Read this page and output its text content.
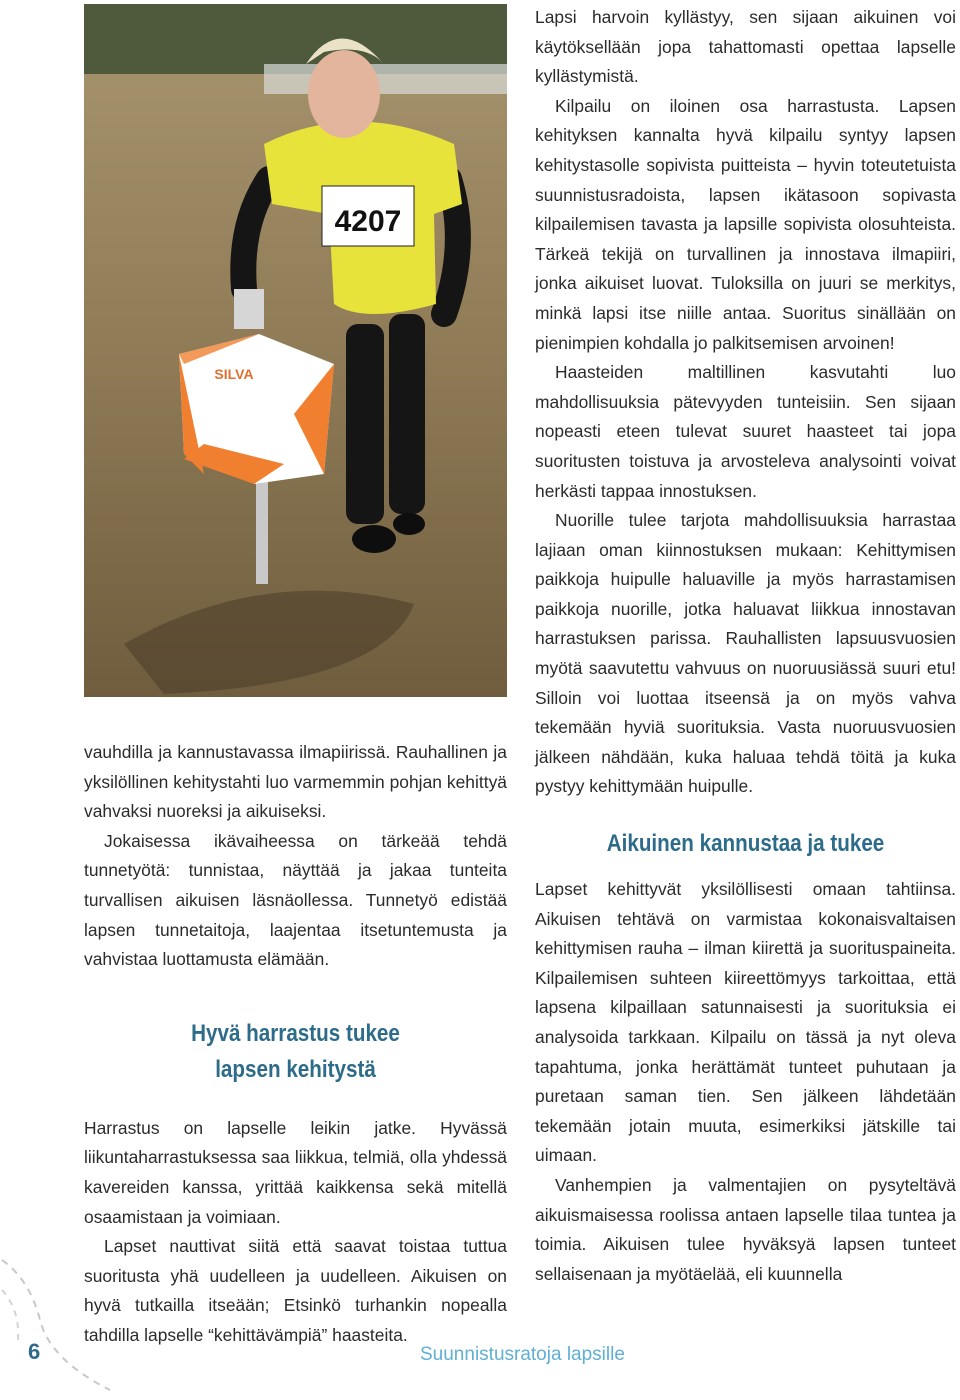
4207
SILVA

vauhdilla ja kannustavassa ilmapiirissä. Rauhallinen ja yksilöllinen kehitystahti luo varmemmin pohjan kehittyä vahvaksi nuoreksi ja aikuiseksi.

Jokaisessa ikävaiheessa on tärkeää tehdä tunnetyötä: tunnistaa, näyttää ja jakaa tunteita turvallisen aikuisen läsnäollessa. Tunnetyö edistää lapsen tunnetaitoja, laajentaa itsetuntemusta ja vahvistaa luottamusta elämään.

Hyvä harrastus tukee
lapsen kehitystä

Harrastus on lapselle leikin jatke. Hyvässä liikuntaharrastuksessa saa liikkua, telmiä, olla yhdessä kavereiden kanssa, yrittää kaikkensa sekä mitellä osaamistaan ja voimiaan.

Lapset nauttivat siitä että saavat toistaa tuttua suoritusta yhä uudelleen ja uudelleen. Aikuisen on hyvä tutkailla itseään; Etsinkö turhankin nopealla tahdilla lapselle “kehittävämpiä” haasteita.

Lapsi harvoin kyllästyy, sen sijaan aikuinen voi käytöksellään jopa tahattomasti opettaa lapselle kyllästymistä.

Kilpailu on iloinen osa harrastusta. Lapsen kehityksen kannalta hyvä kilpailu syntyy lapsen kehitystasolle sopivista puitteista – hyvin toteutetuista suunnistusradoista, lapsen ikätasoon sopivasta kilpailemisen tavasta ja lapsille sopivista olosuhteista. Tärkeä tekijä on turvallinen ja innostava ilmapiiri, jonka aikuiset luovat. Tuloksilla on juuri se merkitys, minkä lapsi itse niille antaa. Suoritus sinällään on pienimpien kohdalla jo palkitsemisen arvoinen!

Haasteiden maltillinen kasvutahti luo mahdollisuuksia pätevyyden tunteisiin. Sen sijaan nopeasti eteen tulevat suuret haasteet tai jopa suoritusten toistuva ja arvosteleva analysointi voivat herkästi tappaa innostuksen.

Nuorille tulee tarjota mahdollisuuksia harrastaa lajiaan oman kiinnostuksen mukaan: Kehittymisen paikkoja huipulle haluaville ja myös harrastamisen paikkoja nuorille, jotka haluavat liikkua innostavan harrastuksen parissa. Rauhallisten lapsuusvuosien myötä saavutettu vahvuus on nuoruusiässä suuri etu! Silloin voi luottaa itseensä ja on myös vahva tekemään hyviä suorituksia. Vasta nuoruusvuosien jälkeen nähdään, kuka haluaa tehdä töitä ja kuka pystyy kehittymään huipulle.

Aikuinen kannustaa ja tukee

Lapset kehittyvät yksilöllisesti omaan tahtiinsa. Aikuisen tehtävä on varmistaa kokonaisvaltaisen kehittymisen rauha – ilman kiirettä ja suorituspaineita. Kilpailemisen suhteen kiireettömyys tarkoittaa, että lapsena kilpaillaan satunnaisesti ja suorituksia ei analysoida tarkkaan. Kilpailu on tässä ja nyt oleva tapahtuma, jonka herättämät tunteet puhutaan ja puretaan saman tien. Sen jälkeen lähdetään tekemään jotain muuta, esimerkiksi jätskille tai uimaan.

Vanhempien ja valmentajien on pysyteltävä aikuismaisessa roolissa antaen lapselle tilaa tuntea ja toimia. Aikuisen tulee hyväksyä lapsen tunteet sellaisenaan ja myötäelää, eli kuunnella

6	Suunnistusratoja lapsille
